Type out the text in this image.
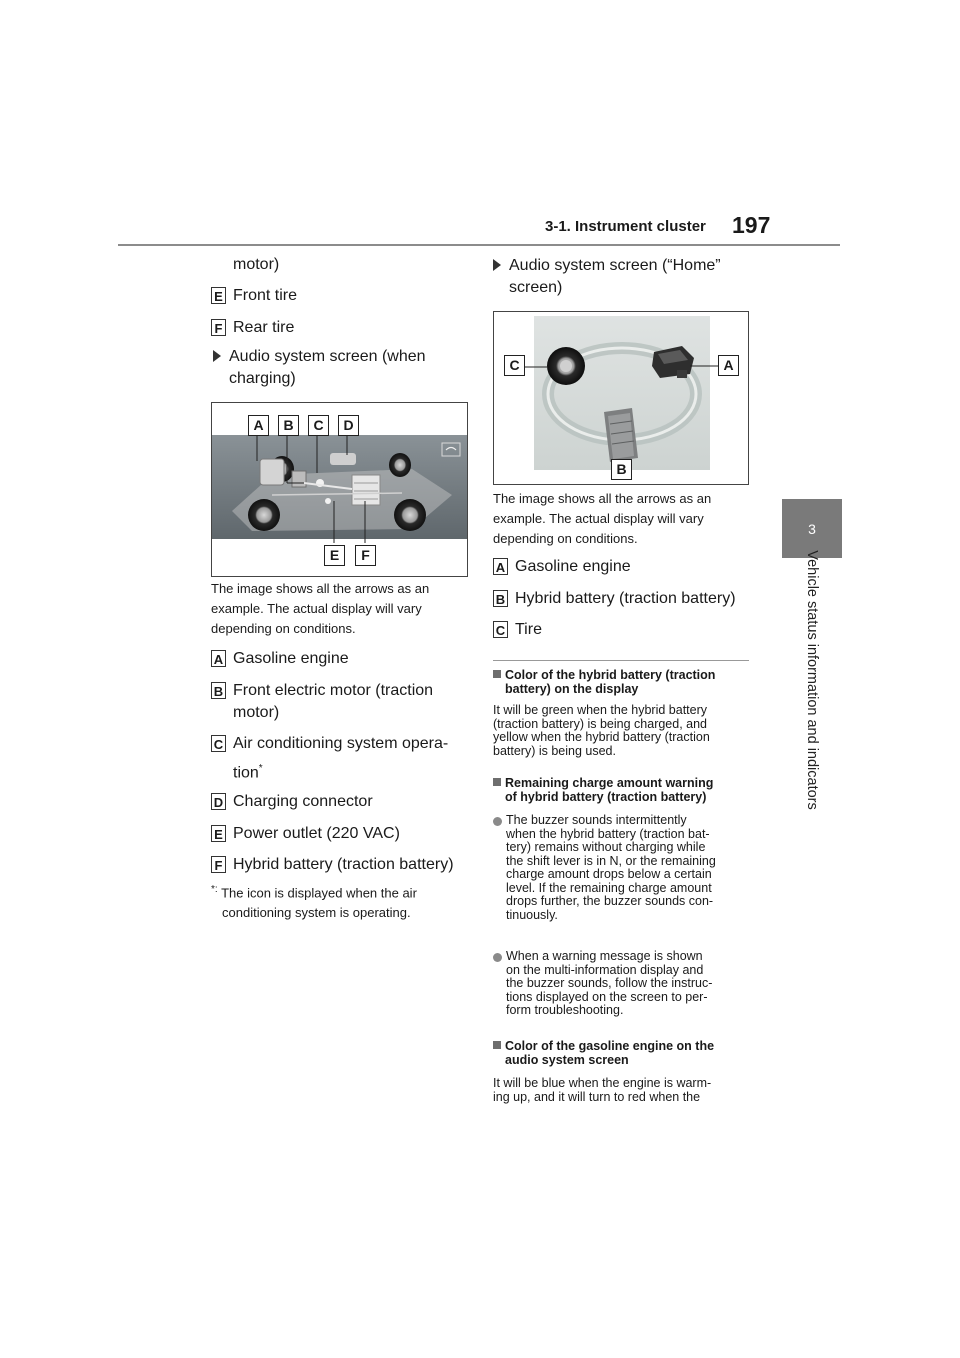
3-1. Instrument cluster 197
3
Vehicle status information and indicators
motor)
E Front tire
F Rear tire
Audio system screen (when
charging)
A	B	C	D
E	F
The image shows all the arrows as an
example. The actual display will vary
depending on conditions.
A Gasoline engine
B Front electric motor (traction
motor)
C Air conditioning system opera-
tion*
D Charging connector
E Power outlet (220 VAC)
F Hybrid battery (traction battery)
*: The icon is displayed when the air
conditioning system is operating.
Audio system screen (“Home”
screen)
C	A
B
The image shows all the arrows as an
example. The actual display will vary
depending on conditions.
A Gasoline engine
B Hybrid battery (traction battery)
C Tire
Color of the hybrid battery (traction
battery) on the display
It will be green when the hybrid battery
(traction battery) is being charged, and
yellow when the hybrid battery (traction
battery) is being used.
Remaining charge amount warning
of hybrid battery (traction battery)
The buzzer sounds intermittently
when the hybrid battery (traction bat-
tery) remains without charging while
the shift lever is in N, or the remaining
charge amount drops below a certain
level. If the remaining charge amount
drops further, the buzzer sounds con-
tinuously.
When a warning message is shown
on the multi-information display and
the buzzer sounds, follow the instruc-
tions displayed on the screen to per-
form troubleshooting.
Color of the gasoline engine on the
audio system screen
It will be blue when the engine is warm-
ing up, and it will turn to red when the
